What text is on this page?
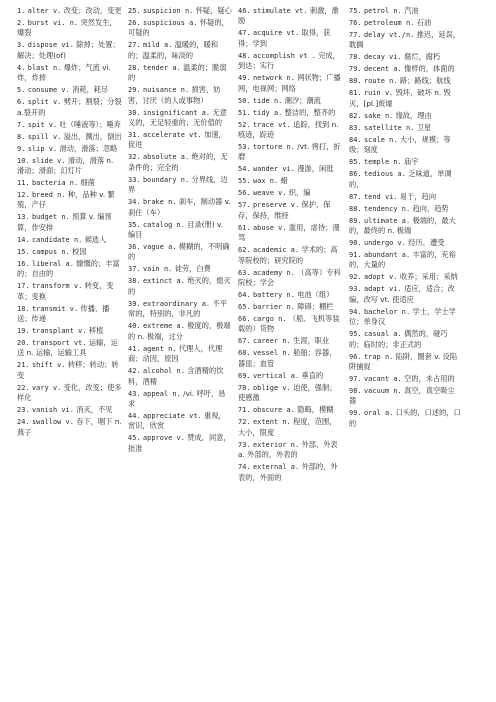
1. alter v. 改变；改动，变更
2. burst vi. n. 突然发生，爆裂
3. dispose vi. 除掉；处置；解决；处理(of)
4. blast n. 爆炸；气流 vi. 炸，炸掉
5. consume v. 消耗，耗尽
6. split v. 劈开；割裂；分裂 a.裂开的
7. spit v. 吐（唾液等）；唾弃
8. spill v. 溢出，溅出，倒出
9. slip v. 滑动，滑落；忽略
10. slide v. 滑动，滑落 n. 滑动；滑面；幻灯片
11. bacteria n. 细菌
12. breed n. 种，品种 v. 繁殖，产仔
13. budget n. 预算 v. 编预算，作安排
14. candidate n. 候选人
15. campus n. 校园
16. liberal a. 慷慨的；丰富的；自由的
17. transform v. 转变，变革；变换
18. transmit v. 传播，播送；传递
19. transplant v. 移植
20. transport vt. 运输，运送 n. 运输，运输工具
21. shift v. 转移；转动；转变
22. vary v. 变化，改变；使多样化
23. vanish vi. 消灭，不见
24. swallow v. 吞下，咽下 n. 燕子
25. suspicion n. 怀疑，疑心
26. suspicious a. 怀疑的，可疑的
27. mild a. 温暖的，暖和的；温柔的，味淡的
28. tender a. 温柔的；脆弱的
29. nuisance n. 损害，妨害，讨厌（的人或事物）
30. insignificant a. 无意义的，无足轻重的；无价值的
31. accelerate vt. 加速，促进
32. absolute a. 绝对的，无条件的；完全的
33. boundary n. 分界线，边界
34. brake n. 刹车，制动器 v. 刹住（车）
35. catalog n. 目录(册) v. 编目
36. vague a. 模糊的，不明确的
37. vain n. 徒劳，白费
38. extinct a. 绝灭的，熄灭的
39. extraordinary a. 不平常的，特别的，非凡的
40. extreme a. 极度的，极端的 n. 极端，过分
41. agent n. 代理人，代理商；动因，原因
42. alcohol n. 含酒精的饮料，酒精
43. appeal n. /vi. 呼吁，恳求
44. appreciate vt. 重视，赏识，欣赏
45. approve v. 赞成，同意，批准
46. stimulate vt. 刺激，激励
47. acquire vt. 取得，获得；学到
48. accomplish vt . 完成，到达；实行
49. network n. 网状物；广播网，电视网；网络
50. tide n. 潮汐；潮流
51. tidy a. 整洁的，整齐的
52. trace vt. 追踪，找到 n. 痕迹，踪迹
53. torture n. /vt. 拷打，折磨
54. wander vi. 漫游，闲逛
55. wax n. 蜡
56. weave v. 织，编
57. preserve v. 保护，保存，保持，维持
61. abuse v. 滥用，虐待；谩骂
62. academic a. 学术的；高等院校的；研究院的
63. academy n. （高等）专科院校；学会
64. battery n. 电池（组）
65. barrier n. 障碍；棚栏
66. cargo n. （船、飞机等装载的）货物
67. career n. 生涯，职业
68. vessel n. 船舶；容器，器皿；血管
69. vertical a. 垂直的
70. oblige v. 迫使，强制；使感激
71. obscure a. 隐晦，模糊
72. extent n. 程度，范围，大小，限度
73. exterior n. 外部，外表 a. 外部的，外表的
74. external a. 外部的，外表的，外面的
75. petrol n. 汽油
76. petroleum n. 石油
77. delay vt./n. 推迟，延误，耽搁
78. decay vi. 腐烂，腐朽
79. decent a. 像样的，体面的
80. route n. 路；路线；航线
81. ruin v. 毁坏，破坏 n. 毁灭，[pl.]废墟
82. sake n. 缘故，理由
83. satellite n. 卫星
84. scale n. 大小，规模；等级；刻度
85. temple n. 庙宇
86. tedious a. 乏味道，单调的，
87. tend vi. 易于，趋向
88. tendency n. 趋向，趋势
89. ultimate a. 极端的，最大的，最终的 n. 极端
90. undergo v. 经历，遭受
91. abundant a. 丰富的，充裕的，大量的
92. adopt v. 收养；采用；采纳
93. adapt vi. 适应，适合；改编，改写 vt. 使适应
94. bachelor n. 学士，学士学位；单身汉
95. casual a. 偶然的，碰巧的；临时的；非正式的
96. trap n. 陷阱，圈套 v. 设陷阱捕捉
97. vacant a. 空的，未占用的
98. vacuum n. 真空，真空吸尘器
99. oral a. 口头的，口述的，口的
